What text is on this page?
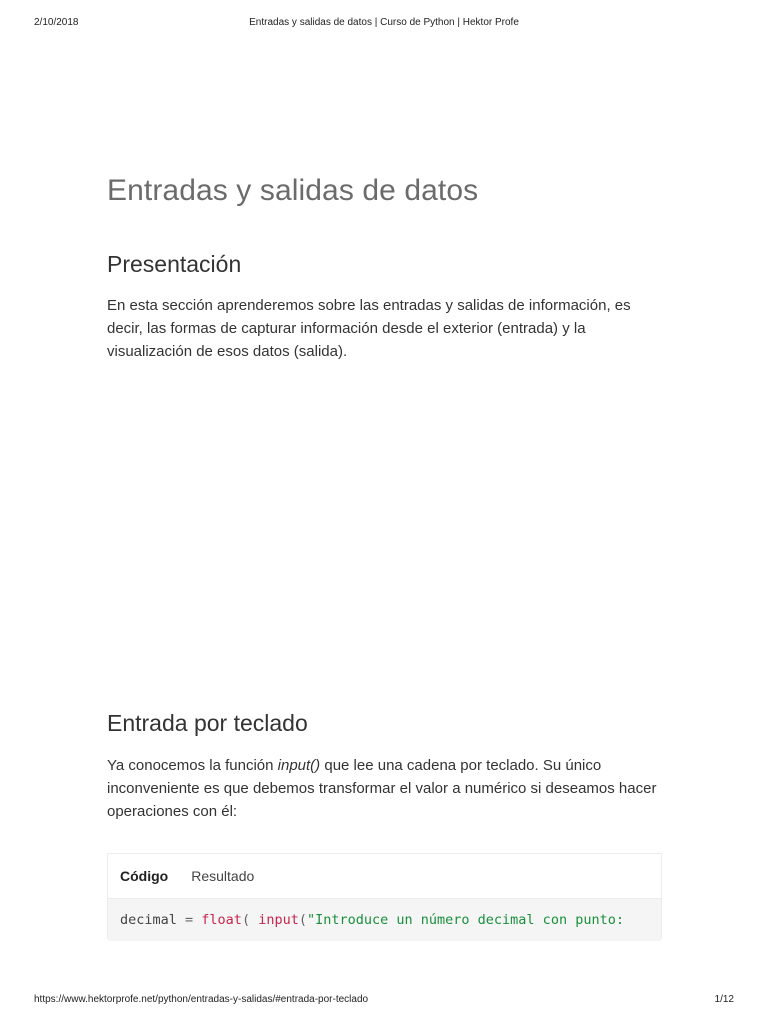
2/10/2018	Entradas y salidas de datos | Curso de Python | Hektor Profe
Entradas y salidas de datos
Presentación

En esta sección aprenderemos sobre las entradas y salidas de información, es decir, las formas de capturar información desde el exterior (entrada) y la visualización de esos datos (salida).

Entrada por teclado

Ya conocemos la función input() que lee una cadena por teclado. Su único inconveniente es que debemos transformar el valor a numérico si deseamos hacer operaciones con él:

Código Resultado
decimal = float ( input ( "Introduce un número decimal con punto:
https://www.hektorprofe.net/python/entradas-y-salidas/#entrada-por-teclado	1/12
